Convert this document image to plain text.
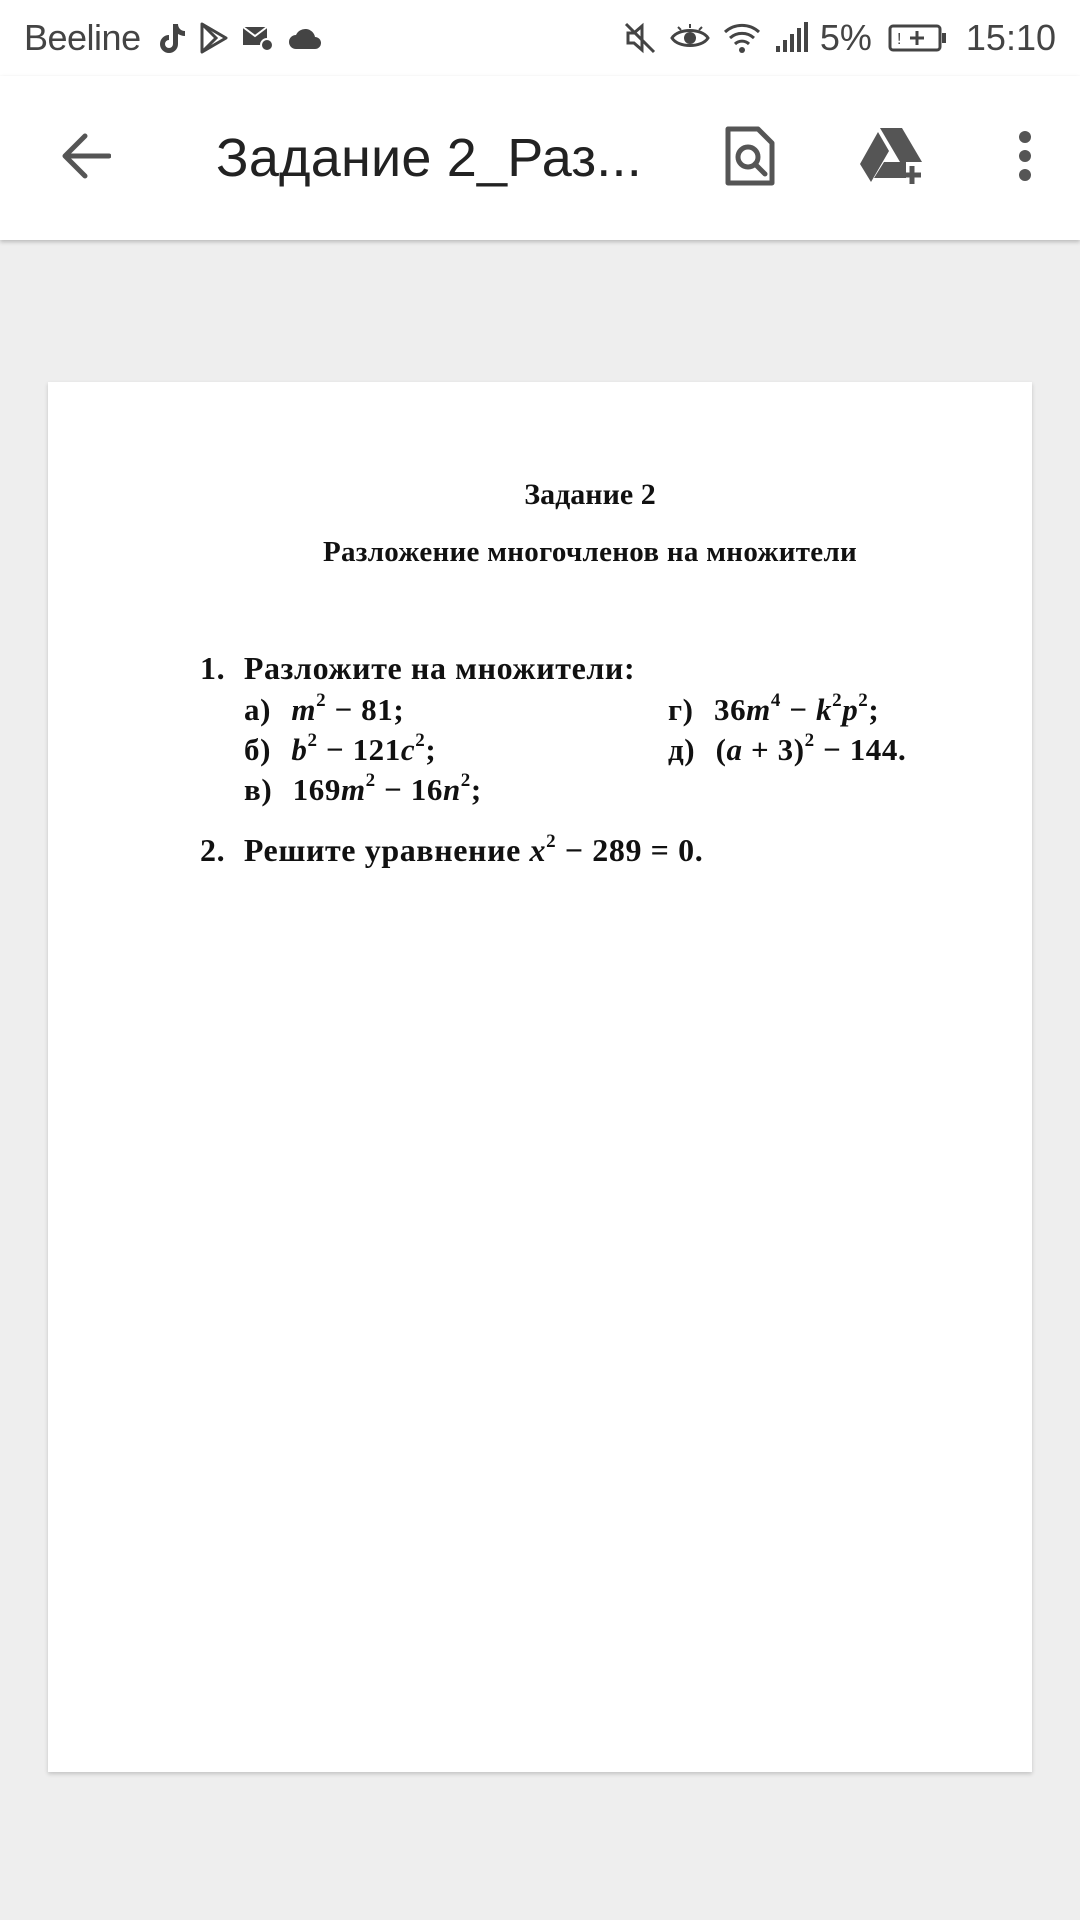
Beeline	5% ! 15:10
Задание 2_Раз...
Задание 2
Разложение многочленов на множители
1. Разложите на множители:
а) $m^2 - 81$;
б) $b^2 - 121c^2$;
в) $169m^2 - 16n^2$;
г) $36m^4 - k^2p^2$;
д) $(a + 3)^2 - 144$.
2. Решите уравнение $x^2 - 289 = 0$.
